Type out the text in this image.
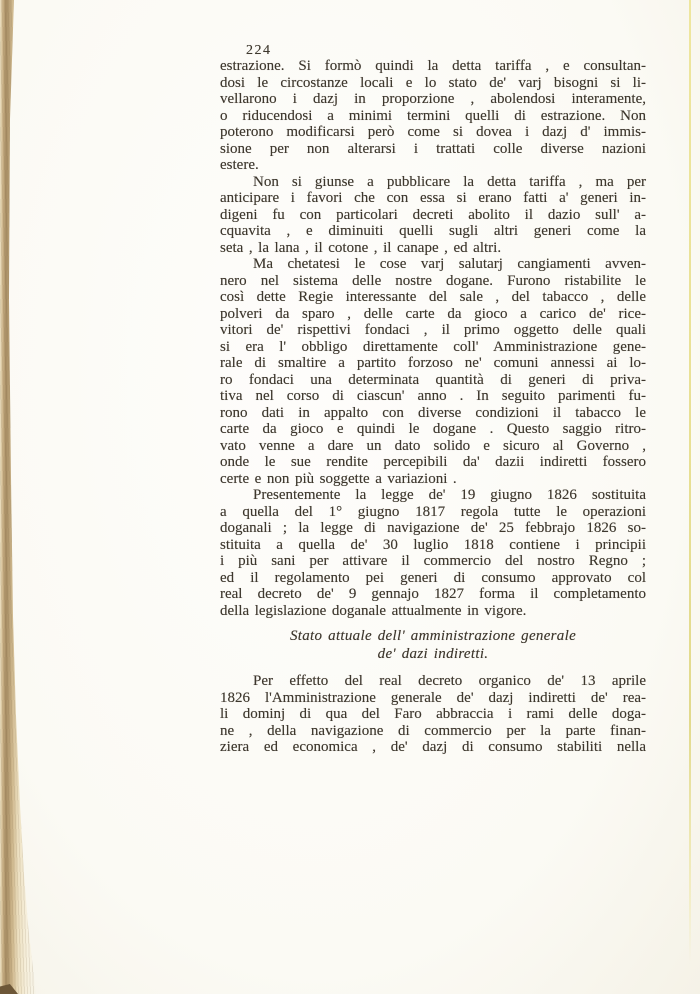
224
estrazione. Si formò quindi la detta tariffa , e consultan-
dosi le circostanze locali e lo stato de' varj bisogni si li-
vellarono i dazj in proporzione , abolendosi interamente,
o riducendosi a minimi termini quelli di estrazione. Non
poterono modificarsi però come si dovea i dazj d' immis-
sione per non alterarsi i trattati colle diverse nazioni
estere.
Non si giunse a pubblicare la detta tariffa , ma per
anticipare i favori che con essa si erano fatti a' generi in-
digeni fu con particolari decreti abolito il dazio sull' a-
cquavita , e diminuiti quelli sugli altri generi come la
seta , la lana , il cotone , il canape , ed altri.
Ma chetatesi le cose varj salutarj cangiamenti avven-
nero nel sistema delle nostre dogane. Furono ristabilite le
così dette Regie interessante del sale , del tabacco , delle
polveri da sparo , delle carte da gioco a carico de' rice-
vitori de' rispettivi fondaci , il primo oggetto delle quali
si era l' obbligo direttamente coll' Amministrazione gene-
rale di smaltire a partito forzoso ne' comuni annessi ai lo-
ro fondaci una determinata quantità di generi di priva-
tiva nel corso di ciascun' anno . In seguito parimenti fu-
rono dati in appalto con diverse condizioni il tabacco le
carte da gioco e quindi le dogane . Questo saggio ritro-
vato venne a dare un dato solido e sicuro al Governo ,
onde le sue rendite percepibili da' dazii indiretti fossero
certe e non più soggette a variazioni .
Presentemente la legge de' 19 giugno 1826 sostituita
a quella del 1° giugno 1817 regola tutte le operazioni
doganali ; la legge di navigazione de' 25 febbrajo 1826 so-
stituita a quella de' 30 luglio 1818 contiene i principii
i più sani per attivare il commercio del nostro Regno ;
ed il regolamento pei generi di consumo approvato col
real decreto de' 9 gennajo 1827 forma il completamento
della legislazione doganale attualmente in vigore.
Stato attuale dell' amministrazione generale
de' dazi indiretti.
Per effetto del real decreto organico de' 13 aprile
1826 l'Amministrazione generale de' dazj indiretti de' rea-
li dominj di qua del Faro abbraccia i rami delle doga-
ne , della navigazione di commercio per la parte finan-
ziera ed economica , de' dazj di consumo stabiliti nella
